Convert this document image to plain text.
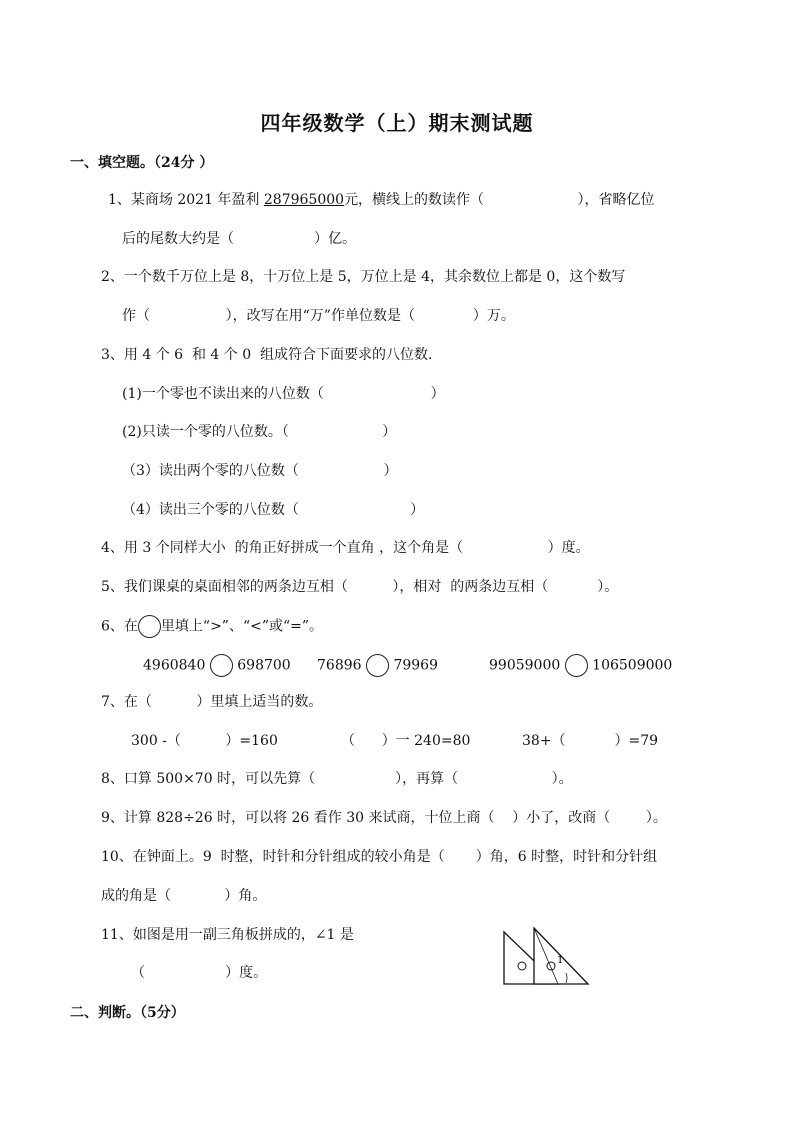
四年级数学（上）期末测试题
一、填空题。（24分 ）
1、某商场 2021 年盈利 287965000元，横线上的数读作（                     ），省略亿位
后的尾数大约是（                  ）亿。
2、一个数千万位上是 8，十万位上是 5，万位上是 4，其余数位上都是 0，这个数写
作（                 ），改写在用“万”作单位数是（             ）万。
3、用 4 个 6  和 4 个 0  组成符合下面要求的八位数.
(1)一个零也不读出来的八位数（                        ）
(2)只读一个零的八位数。（                     ）
（3）读出两个零的八位数（                   ）
（4）读出三个零的八位数（                         ）
4、用 3 个同样大小  的角正好拼成一个直角 ，这个角是（                   ）度。
5、我们课桌的桌面相邻的两条边互相（          ），相对  的两条边互相（           ）。
6、在 里填上“>”、“<”或“=”。
4960840 698700 76896 79969	99059000 106509000
7、在（          ）里填上适当的数。
300 -（          ）=160	（      ）一 240=80	38+（           ）=79
8、口算 500×70 时，可以先算（                  ），再算（                     ）。
9、计算 828÷26 时，可以将 26 看作 30 来试商，十位上商（    ）小了，改商（        ）。
10、在钟面上。9  时整，时针和分针组成的较小角是（       ）角，6 时整，时针和分针组
成的角是（            ）角。
11、如图是用一副三角板拼成的，∠1 是
（                  ）度。
1
二、判断。（5分）
